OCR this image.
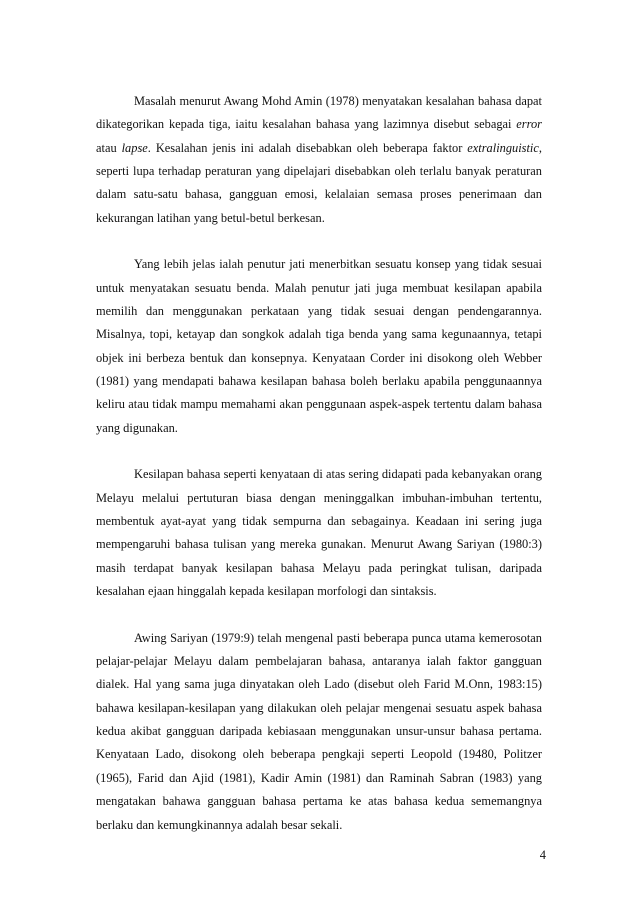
Masalah menurut Awang Mohd Amin (1978) menyatakan kesalahan bahasa dapat dikategorikan kepada tiga, iaitu kesalahan bahasa yang lazimnya disebut sebagai error atau lapse. Kesalahan jenis ini adalah disebabkan oleh beberapa faktor extralinguistic, seperti lupa terhadap peraturan yang dipelajari disebabkan oleh terlalu banyak peraturan dalam satu-satu bahasa, gangguan emosi, kelalaian semasa proses penerimaan dan kekurangan latihan yang betul-betul berkesan.

Yang lebih jelas ialah penutur jati menerbitkan sesuatu konsep yang tidak sesuai untuk menyatakan sesuatu benda. Malah penutur jati juga membuat kesilapan apabila memilih dan menggunakan perkataan yang tidak sesuai dengan pendengarannya. Misalnya, topi, ketayap dan songkok adalah tiga benda yang sama kegunaannya, tetapi objek ini berbeza bentuk dan konsepnya. Kenyataan Corder ini disokong oleh Webber (1981) yang mendapati bahawa kesilapan bahasa boleh berlaku apabila penggunaannya keliru atau tidak mampu memahami akan penggunaan aspek-aspek tertentu dalam bahasa yang digunakan.

Kesilapan bahasa seperti kenyataan di atas sering didapati pada kebanyakan orang Melayu melalui pertuturan biasa dengan meninggalkan imbuhan-imbuhan tertentu, membentuk ayat-ayat yang tidak sempurna dan sebagainya. Keadaan ini sering juga mempengaruhi bahasa tulisan yang mereka gunakan. Menurut Awang Sariyan (1980:3) masih terdapat banyak kesilapan bahasa Melayu pada peringkat tulisan, daripada kesalahan ejaan hinggalah kepada kesilapan morfologi dan sintaksis.

Awing Sariyan (1979:9) telah mengenal pasti beberapa punca utama kemerosotan pelajar-pelajar Melayu dalam pembelajaran bahasa, antaranya ialah faktor gangguan dialek. Hal yang sama juga dinyatakan oleh Lado (disebut oleh Farid M.Onn, 1983:15) bahawa kesilapan-kesilapan yang dilakukan oleh pelajar mengenai sesuatu aspek bahasa kedua akibat gangguan daripada kebiasaan menggunakan unsur-unsur bahasa pertama. Kenyataan Lado, disokong oleh beberapa pengkaji seperti Leopold (19480, Politzer (1965), Farid dan Ajid (1981), Kadir Amin (1981) dan Raminah Sabran (1983) yang mengatakan bahawa gangguan bahasa pertama ke atas bahasa kedua sememangnya berlaku dan kemungkinannya adalah besar sekali.

4
